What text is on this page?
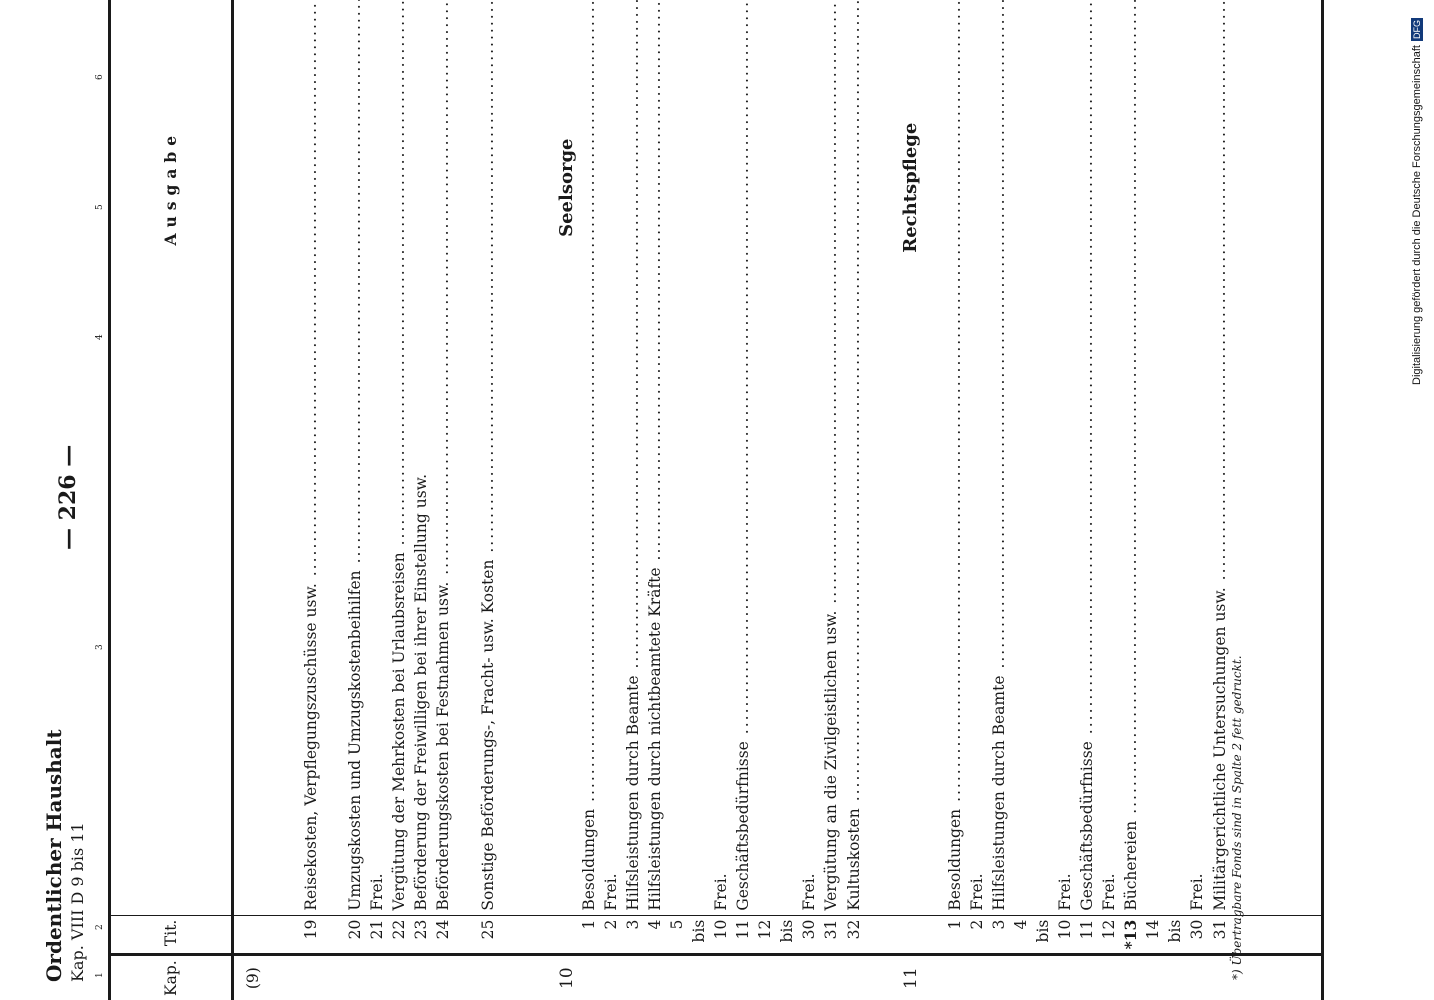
Ordentlicher Haushalt Kap. VIII D 9 bis 11
— 226 —
1
2
3
4
5
6
Kap.	Tit.	Ausgabe	

(9)					
	19	Reisekosten, Verpflegungszuschüsse usw. .....			
	20	Umzugskosten und Umzugskostenbeihilfen .....			
	21	Frei.			
	22	Vergütung der Mehrkosten bei Urlaubsreisen .....			
	23	Beförderung der Freiwilligen bei ihrer Einstellung usw.			
	24	Beförderungskosten bei Festnahmen usw. .....			
	25	Sonstige Beförderungs-, Fracht- usw. Kosten .....			

10		Seelsorge			
	1	Besoldungen .....			
	2	Frei.			
	3	Hilfsleistungen durch Beamte .....			
	4	Hilfsleistungen durch nichtbeamtete Kräfte .....			
	5 bis 10	Frei.			
	11	Geschäftsbedürfnisse .....			
	12 bis 30	Frei.			
	31	Vergütung an die Zivilgeistlichen usw. .....			
	32	Kultuskosten .....			

11		Rechtspflege			
	1	Besoldungen .....			
	2	Frei.			
	3	Hilfsleistungen durch Beamte .....			
	4 bis 10	Frei.			
	11	Geschäftsbedürfnisse .....			
	12	Frei.			
	*13	Büchereien .....			
	14 bis 30	Frei.			
	31	Militärgerichtliche Untersuchungen usw. .....			
					*) Übertragbare Fonds sind in Spalte 2 fett gedruckt.
Digitalisierung gefördert durch die Deutsche ForschungsgemeinschaftDFG
